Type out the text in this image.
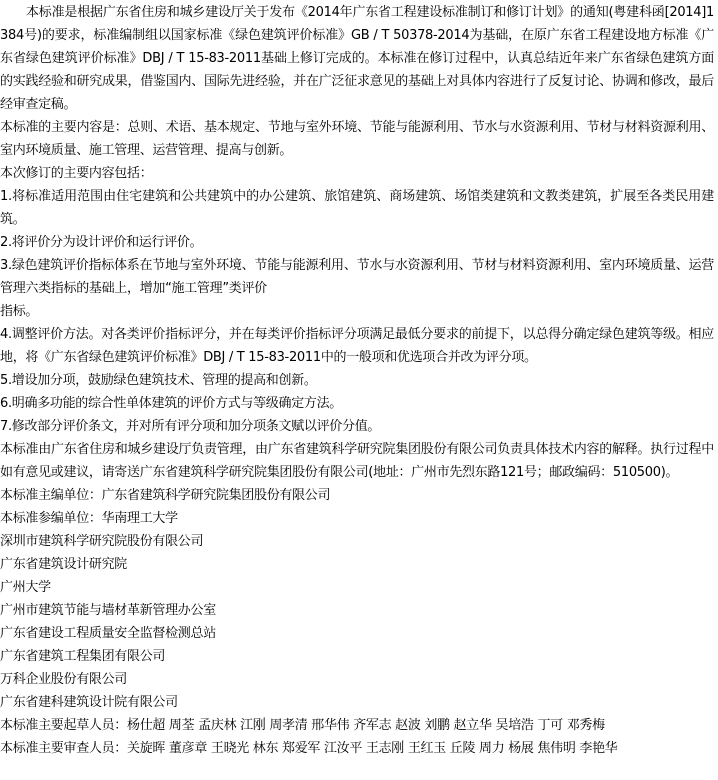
本标准是根据广东省住房和城乡建设厅关于发布《2014年广东省工程建设标准制订和修订计划》的通知(粤建科函[2014]1384号)的要求，标准编制组以国家标准《绿色建筑评价标准》GB / T 50378-2014为基础，在原广东省工程建设地方标准《广东省绿色建筑评价标准》DBJ / T 15-83-2011基础上修订完成的。本标准在修订过程中，认真总结近年来广东省绿色建筑方面的实践经验和研究成果，借鉴国内、国际先进经验，并在广泛征求意见的基础上对具体内容进行了反复讨论、协调和修改，最后经审查定稿。

本标准的主要内容是：总则、术语、基本规定、节地与室外环境、节能与能源利用、节水与水资源利用、节材与材料资源利用、室内环境质量、施工管理、运营管理、提高与创新。

本次修订的主要内容包括：

1.将标准适用范围由住宅建筑和公共建筑中的办公建筑、旅馆建筑、商场建筑、场馆类建筑和文教类建筑，扩展至各类民用建筑。

2.将评价分为设计评价和运行评价。

3.绿色建筑评价指标体系在节地与室外环境、节能与能源利用、节水与水资源利用、节材与材料资源利用、室内环境质量、运营管理六类指标的基础上，增加“施工管理”类评价

指标。

4.调整评价方法。对各类评价指标评分，并在每类评价指标评分项满足最低分要求的前提下，以总得分确定绿色建筑等级。相应地，将《广东省绿色建筑评价标准》DBJ / T 15-83-2011中的一般项和优选项合并改为评分项。

5.增设加分项，鼓励绿色建筑技术、管理的提高和创新。

6.明确多功能的综合性单体建筑的评价方式与等级确定方法。

7.修改部分评价条文，并对所有评分项和加分项条文赋以评价分值。

本标准由广东省住房和城乡建设厅负责管理，由广东省建筑科学研究院集团股份有限公司负责具体技术内容的解释。执行过程中如有意见或建议，请寄送广东省建筑科学研究院集团股份有限公司(地址：广州市先烈东路121号；邮政编码：510500)。

本标准主编单位：广东省建筑科学研究院集团股份有限公司

本标准参编单位：华南理工大学

深圳市建筑科学研究院股份有限公司

广东省建筑设计研究院

广州大学

广州市建筑节能与墙材革新管理办公室

广东省建设工程质量安全监督检测总站

广东省建筑工程集团有限公司

万科企业股份有限公司

广东省建科建筑设计院有限公司

本标准主要起草人员：杨仕超 周荃 孟庆林 江刚 周孝清 邢华伟 齐军志 赵波 刘鹏 赵立华 吴培浩 丁可 邓秀梅

本标准主要审查人员：关旋晖 董彦章 王晓光 林东 郑爱军 江汝平 王志刚 王红玉 丘陵 周力 杨展 焦伟明 李艳华
